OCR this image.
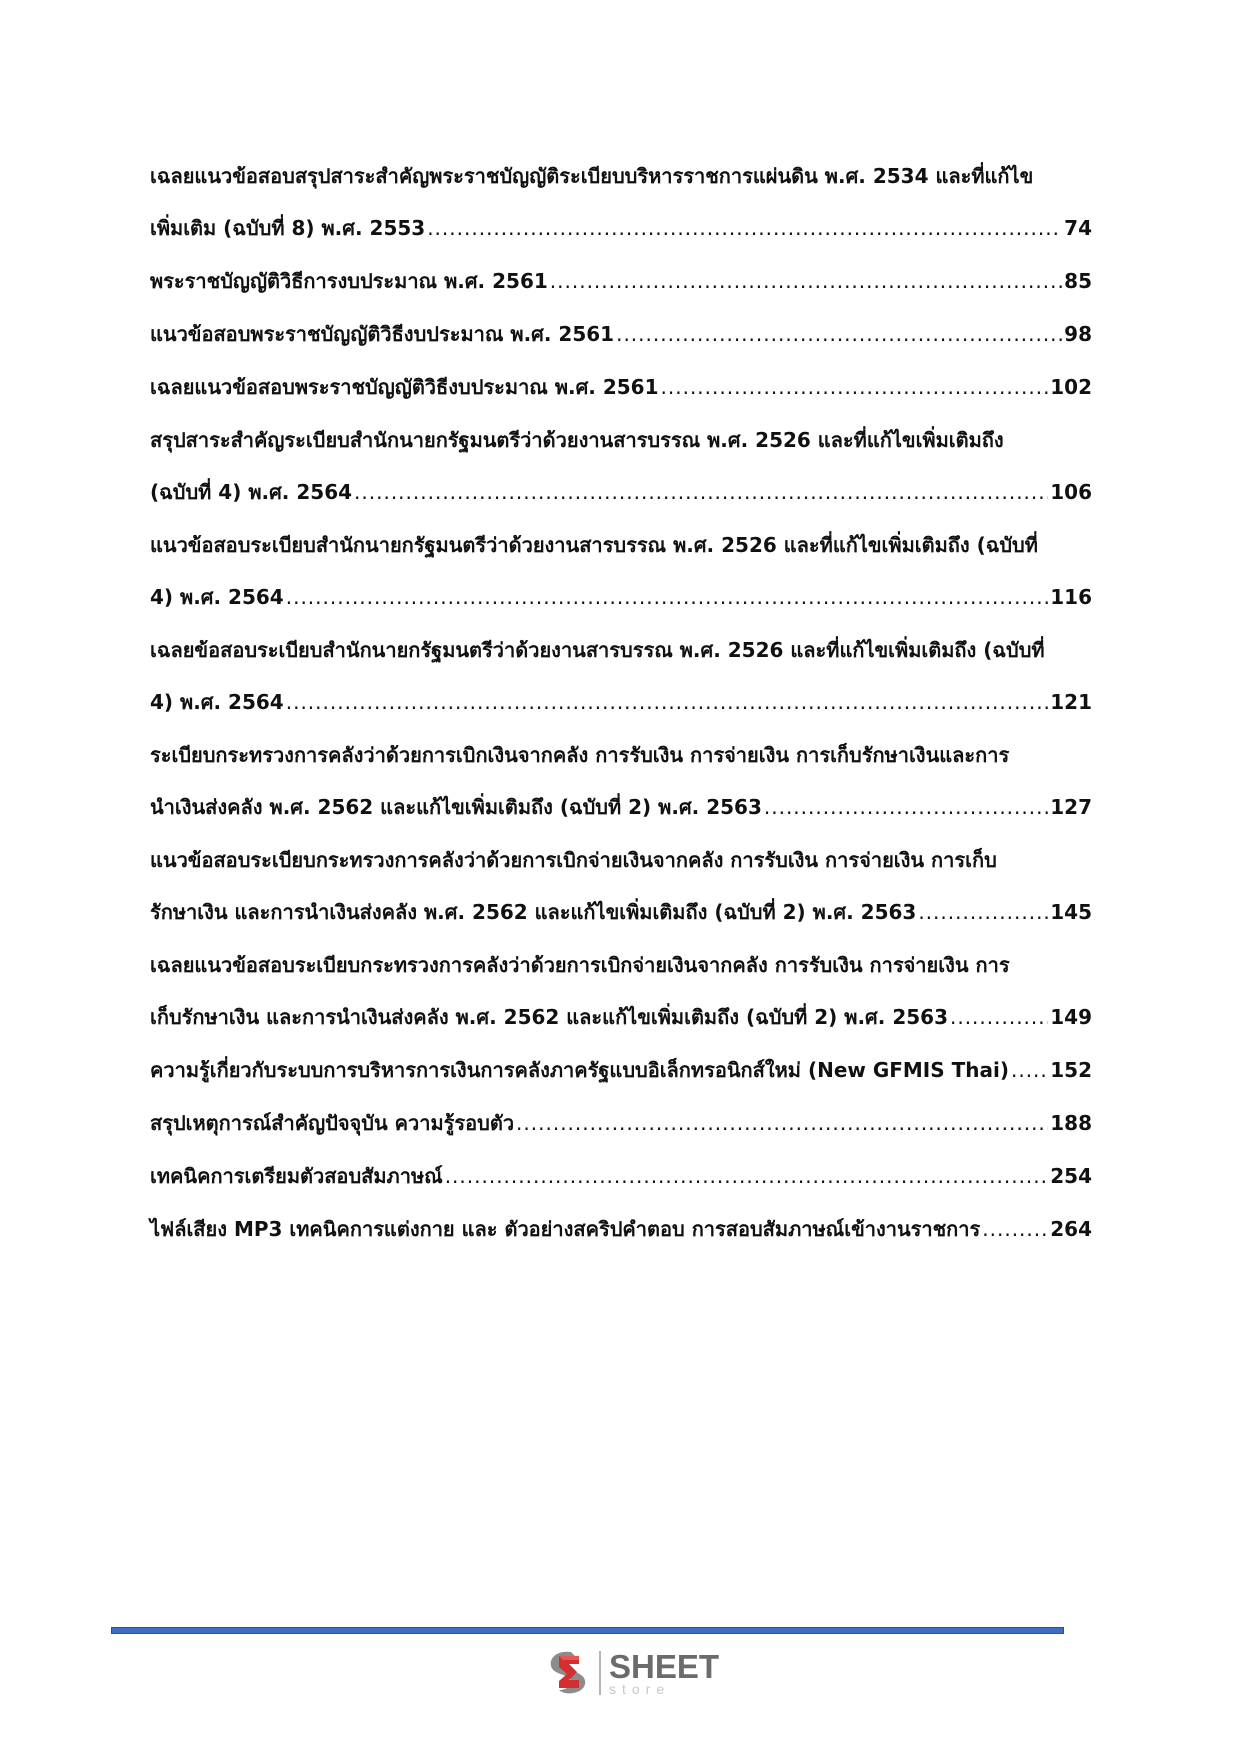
เฉลยแนวข้อสอบสรุปสาระสำคัญพระราชบัญญัติระเบียบบริหารราชการแผ่นดิน พ.ศ. 2534 และที่แก้ไข
เพิ่มเติม (ฉบับที่ 8) พ.ศ. 2553 .....	74
พระราชบัญญัติวิธีการงบประมาณ พ.ศ. 2561 .....	85
แนวข้อสอบพระราชบัญญัติวิธีงบประมาณ พ.ศ. 2561 .....	98
เฉลยแนวข้อสอบพระราชบัญญัติวิธีงบประมาณ พ.ศ. 2561 .....	102
สรุปสาระสำคัญระเบียบสำนักนายกรัฐมนตรีว่าด้วยงานสารบรรณ พ.ศ. 2526 และที่แก้ไขเพิ่มเติมถึง
(ฉบับที่ 4) พ.ศ. 2564 .....	106
แนวข้อสอบระเบียบสำนักนายกรัฐมนตรีว่าด้วยงานสารบรรณ พ.ศ. 2526 และที่แก้ไขเพิ่มเติมถึง (ฉบับที่
4) พ.ศ. 2564 .....	116
เฉลยข้อสอบระเบียบสำนักนายกรัฐมนตรีว่าด้วยงานสารบรรณ พ.ศ. 2526 และที่แก้ไขเพิ่มเติมถึง (ฉบับที่
4) พ.ศ. 2564 .....	121
ระเบียบกระทรวงการคลังว่าด้วยการเบิกเงินจากคลัง การรับเงิน การจ่ายเงิน การเก็บรักษาเงินและการ
นำเงินส่งคลัง พ.ศ. 2562 และแก้ไขเพิ่มเติมถึง (ฉบับที่ 2) พ.ศ. 2563 .....	127
แนวข้อสอบระเบียบกระทรวงการคลังว่าด้วยการเบิกจ่ายเงินจากคลัง การรับเงิน การจ่ายเงิน การเก็บ
รักษาเงิน และการนำเงินส่งคลัง พ.ศ. 2562 และแก้ไขเพิ่มเติมถึง (ฉบับที่ 2) พ.ศ. 2563 .....	145
เฉลยแนวข้อสอบระเบียบกระทรวงการคลังว่าด้วยการเบิกจ่ายเงินจากคลัง การรับเงิน การจ่ายเงิน การ
เก็บรักษาเงิน และการนำเงินส่งคลัง พ.ศ. 2562 และแก้ไขเพิ่มเติมถึง (ฉบับที่ 2) พ.ศ. 2563 .....	149
ความรู้เกี่ยวกับระบบการบริหารการเงินการคลังภาครัฐแบบอิเล็กทรอนิกส์ใหม่ (New GFMIS Thai) ..... 152
สรุปเหตุการณ์สำคัญปัจจุบัน ความรู้รอบตัว .....	188
เทคนิคการเตรียมตัวสอบสัมภาษณ์ .....	254
ไฟล์เสียง MP3 เทคนิคการแต่งกาย และ ตัวอย่างสคริปคำตอบ การสอบสัมภาษณ์เข้างานราชการ .....	264
SHEET
store
